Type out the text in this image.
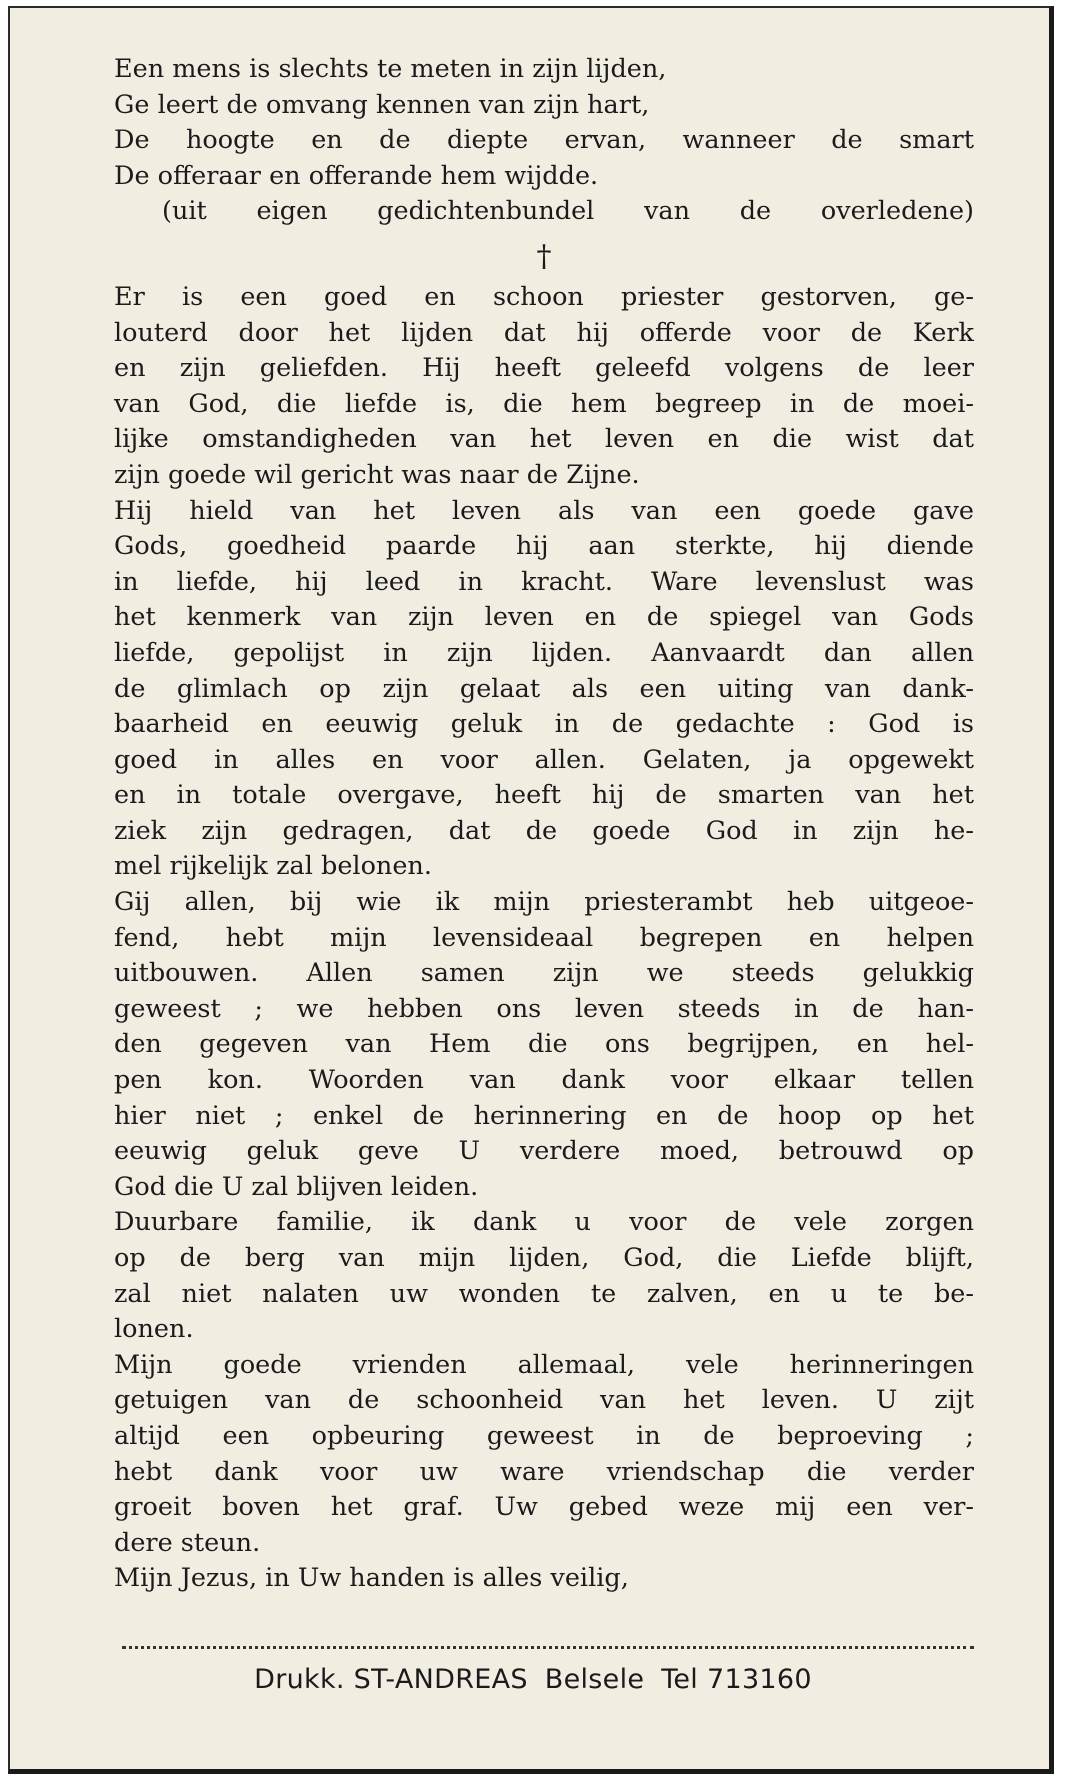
Een mens is slechts te meten in zijn lijden,
Ge leert de omvang kennen van zijn hart,
De hoogte en de diepte ervan, wanneer de smart
De offeraar en offerande hem wijdde.
(uit eigen gedichtenbundel van de overledene)
†
Er is een goed en schoon priester gestorven, ge-
louterd door het lijden dat hij offerde voor de Kerk
en zijn geliefden. Hij heeft geleefd volgens de leer
van God, die liefde is, die hem begreep in de moei-
lijke omstandigheden van het leven en die wist dat
zijn goede wil gericht was naar de Zijne.
Hij hield van het leven als van een goede gave
Gods, goedheid paarde hij aan sterkte, hij diende
in liefde, hij leed in kracht. Ware levenslust was
het kenmerk van zijn leven en de spiegel van Gods
liefde, gepolijst in zijn lijden. Aanvaardt dan allen
de glimlach op zijn gelaat als een uiting van dank-
baarheid en eeuwig geluk in de gedachte : God is
goed in alles en voor allen. Gelaten, ja opgewekt
en in totale overgave, heeft hij de smarten van het
ziek zijn gedragen, dat de goede God in zijn he-
mel rijkelijk zal belonen.
Gij allen, bij wie ik mijn priesterambt heb uitgeoe-
fend, hebt mijn levensideaal begrepen en helpen
uitbouwen. Allen samen zijn we steeds gelukkig
geweest ; we hebben ons leven steeds in de han-
den gegeven van Hem die ons begrijpen, en hel-
pen kon. Woorden van dank voor elkaar tellen
hier niet ; enkel de herinnering en de hoop op het
eeuwig geluk geve U verdere moed, betrouwd op
God die U zal blijven leiden.
Duurbare familie, ik dank u voor de vele zorgen
op de berg van mijn lijden, God, die Liefde blijft,
zal niet nalaten uw wonden te zalven, en u te be-
lonen.
Mijn goede vrienden allemaal, vele herinneringen
getuigen van de schoonheid van het leven. U zijt
altijd een opbeuring geweest in de beproeving ;
hebt dank voor uw ware vriendschap die verder
groeit boven het graf. Uw gebed weze mij een ver-
dere steun.
Mijn Jezus, in Uw handen is alles veilig,
Drukk. ST-ANDREAS Belsele Tel 713160
